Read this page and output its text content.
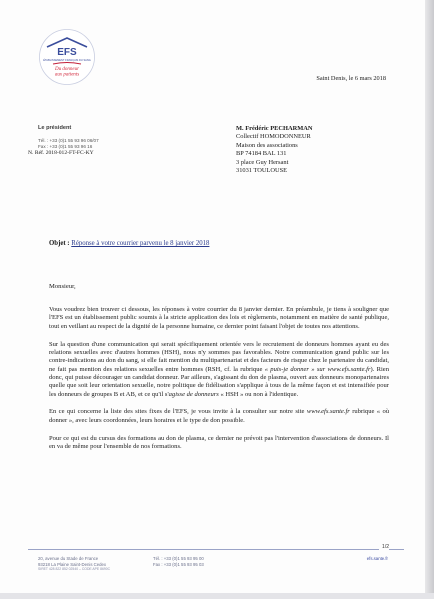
EFS
ÉTABLISSEMENT FRANÇAIS DU SANG
Du donneur
aux patients	Saint Denis, le 6 mars 2018
Le président
Tél. : +33 (0)1 55 93 96 06/07
Fax : +33 (0)1 55 93 96 16
N. Réf. 2018-012-FT-FC-KY
M. Frédéric PECHARMAN
Collectif HOMODONNEUR
Maison des associations
BP 74184 BAL 131
3 place Guy Hersant
31031 TOULOUSE
Objet : Réponse à votre courrier parvenu le 8 janvier 2018
Monsieur,

Vous voudrez bien trouver ci dessous, les réponses à votre courrier du 8 janvier dernier. En préambule, je tiens à souligner que l'EFS est un établissement public soumis à la stricte application des lois et règlements, notamment en matière de santé publique, tout en veillant au respect de la dignité de la personne humaine, ce dernier point faisant l'objet de toutes nos attentions.

Sur la question d'une communication qui serait spécifiquement orientée vers le recrutement de donneurs hommes ayant eu des relations sexuelles avec d'autres hommes (HSH), nous n'y sommes pas favorables. Notre communication grand public sur les contre-indications au don du sang, si elle fait mention du multipartenariat et des facteurs de risque chez le partenaire du candidat, ne fait pas mention des relations sexuelles entre hommes (RSH, cf. la rubrique « puis-je donner » sur www.efs.sante.fr). Rien donc, qui puisse décourager un candidat donneur. Par ailleurs, s'agissant du don de plasma, ouvert aux donneurs monopartenaires quelle que soit leur orientation sexuelle, notre politique de fidélisation s'applique à tous de la même façon et est intensifiée pour les donneurs de groupes B et AB, et ce qu'il s'agisse de donneurs « HSH » ou non à l'identique.

En ce qui concerne la liste des sites fixes de l'EFS, je vous invite à la consulter sur notre site www.efs.sante.fr rubrique « où donner », avec leurs coordonnées, leurs horaires et le type de don possible.

Pour ce qui est du cursus des formations au don de plasma, ce dernier ne prévoit pas l'intervention d'associations de donneurs. Il en va de même pour l'ensemble de nos formations.

1/2
20, avenue du Stade de France
93218 La Plaine Saint-Denis Cedex
SIRET 428 822 852 02540 – CODE APE 8690C
Tél. : +33 (0)1 55 93 95 00
Fax : +33 (0)1 55 93 95 03
efs.sante.fr
